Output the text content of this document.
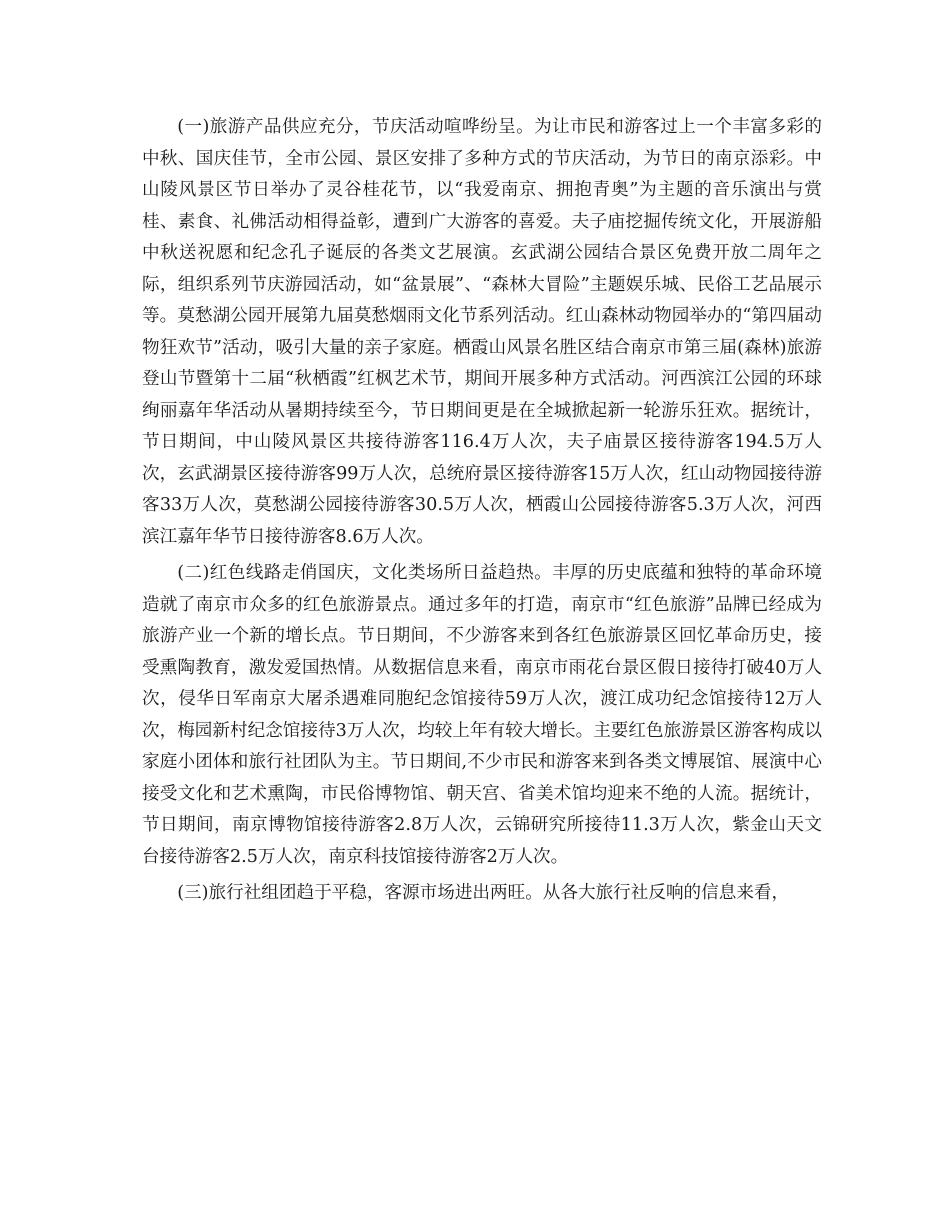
(一)旅游产品供应充分，节庆活动喧哗纷呈。为让市民和游客过上一个丰富多彩的中秋、国庆佳节，全市公园、景区安排了多种方式的节庆活动，为节日的南京添彩。中山陵风景区节日举办了灵谷桂花节，以“我爱南京、拥抱青奥”为主题的音乐演出与赏桂、素食、礼佛活动相得益彰，遭到广大游客的喜爱。夫子庙挖掘传统文化，开展游船中秋送祝愿和纪念孔子诞辰的各类文艺展演。玄武湖公园结合景区免费开放二周年之际，组织系列节庆游园活动，如“盆景展”、“森林大冒险”主题娱乐城、民俗工艺品展示等。莫愁湖公园开展第九届莫愁烟雨文化节系列活动。红山森林动物园举办的“第四届动物狂欢节”活动，吸引大量的亲子家庭。栖霞山风景名胜区结合南京市第三届(森林)旅游登山节暨第十二届“秋栖霞”红枫艺术节，期间开展多种方式活动。河西滨江公园的环球绚丽嘉年华活动从暑期持续至今，节日期间更是在全城掀起新一轮游乐狂欢。据统计，节日期间，中山陵风景区共接待游客116.4万人次，夫子庙景区接待游客194.5万人次，玄武湖景区接待游客99万人次，总统府景区接待游客15万人次，红山动物园接待游客33万人次，莫愁湖公园接待游客30.5万人次，栖霞山公园接待游客5.3万人次，河西滨江嘉年华节日接待游客8.6万人次。

(二)红色线路走俏国庆，文化类场所日益趋热。丰厚的历史底蕴和独特的革命环境造就了南京市众多的红色旅游景点。通过多年的打造，南京市“红色旅游”品牌已经成为旅游产业一个新的增长点。节日期间，不少游客来到各红色旅游景区回忆革命历史，接受熏陶教育，激发爱国热情。从数据信息来看，南京市雨花台景区假日接待打破40万人次，侵华日军南京大屠杀遇难同胞纪念馆接待59万人次，渡江成功纪念馆接待12万人次，梅园新村纪念馆接待3万人次，均较上年有较大增长。主要红色旅游景区游客构成以家庭小团体和旅行社团队为主。节日期间,不少市民和游客来到各类文博展馆、展演中心接受文化和艺术熏陶，市民俗博物馆、朝天宫、省美术馆均迎来不绝的人流。据统计，节日期间，南京博物馆接待游客2.8万人次，云锦研究所接待11.3万人次，紫金山天文台接待游客2.5万人次，南京科技馆接待游客2万人次。

(三)旅行社组团趋于平稳，客源市场进出两旺。从各大旅行社反响的信息来看，
